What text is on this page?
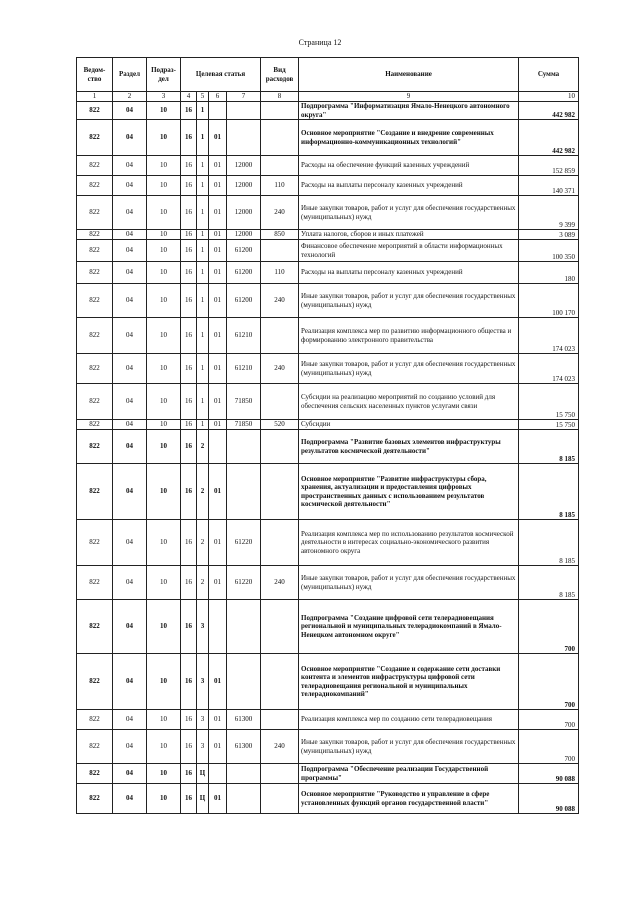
Страница 12
Ведом-ство	Раздел	Подраз-дел	Целевая статья				Вид расходов	Наименование	Сумма
1	2	3	4	5	6	7	8	9	10
822	04	10	16	1				Подпрограмма "Информатизация Ямало-Ненецкого автономного округа"	442 982
822	04	10	16	1	01			Основное мероприятие "Создание и внедрение современных информационно-коммуникационных технологий"	442 982
822	04	10	16	1	01	12000		Расходы на обеспечение функций казенных учреждений	152 859
822	04	10	16	1	01	12000	110	Расходы на выплаты персоналу казенных учреждений	140 371
822	04	10	16	1	01	12000	240	Иные закупки товаров, работ и услуг для обеспечения государственных (муниципальных) нужд	9 399
822	04	10	16	1	01	12000	850	Уплата налогов, сборов и иных платежей	3 089
822	04	10	16	1	01	61200		Финансовое обеспечение мероприятий в области информационных технологий	100 350
822	04	10	16	1	01	61200	110	Расходы на выплаты персоналу казенных учреждений	180
822	04	10	16	1	01	61200	240	Иные закупки товаров, работ и услуг для обеспечения государственных (муниципальных) нужд	100 170
822	04	10	16	1	01	61210		Реализация комплекса мер по развитию информационного общества и формированию электронного правительства	174 023
822	04	10	16	1	01	61210	240	Иные закупки товаров, работ и услуг для обеспечения государственных (муниципальных) нужд	174 023
822	04	10	16	1	01	71850		Субсидии на реализацию мероприятий по созданию условий для обеспечения сельских населенных пунктов услугами связи	15 750
822	04	10	16	1	01	71850	520	Субсидии	15 750
822	04	10	16	2				Подпрограмма "Развитие базовых элементов инфраструктуры результатов космической деятельности"	8 185
822	04	10	16	2	01			Основное мероприятие "Развитие инфраструктуры сбора, хранения, актуализации и предоставления цифровых пространственных данных с использованием результатов космической деятельности"	8 185
822	04	10	16	2	01	61220		Реализация комплекса мер по использованию результатов космической деятельности в интересах социально-экономического развития автономного округа	8 185
822	04	10	16	2	01	61220	240	Иные закупки товаров, работ и услуг для обеспечения государственных (муниципальных) нужд	8 185
822	04	10	16	3				Подпрограмма "Создание цифровой сети телерадиовещания региональной и муниципальных телерадиокомпаний в Ямало-Ненецком автономном округе"	700
822	04	10	16	3	01			Основное мероприятие "Создание и содержание сети доставки контента и элементов инфраструктуры цифровой сети телерадиовещания региональной и муниципальных телерадиокомпаний"	700
822	04	10	16	3	01	61300		Реализация комплекса мер по созданию сети телерадиовещания	700
822	04	10	16	3	01	61300	240	Иные закупки товаров, работ и услуг для обеспечения государственных (муниципальных) нужд	700
822	04	10	16	Ц				Подпрограмма "Обеспечение реализации Государственной программы"	90 088
822	04	10	16	Ц	01			Основное мероприятие "Руководство и управление в сфере установленных функций органов государственной власти"	90 088
